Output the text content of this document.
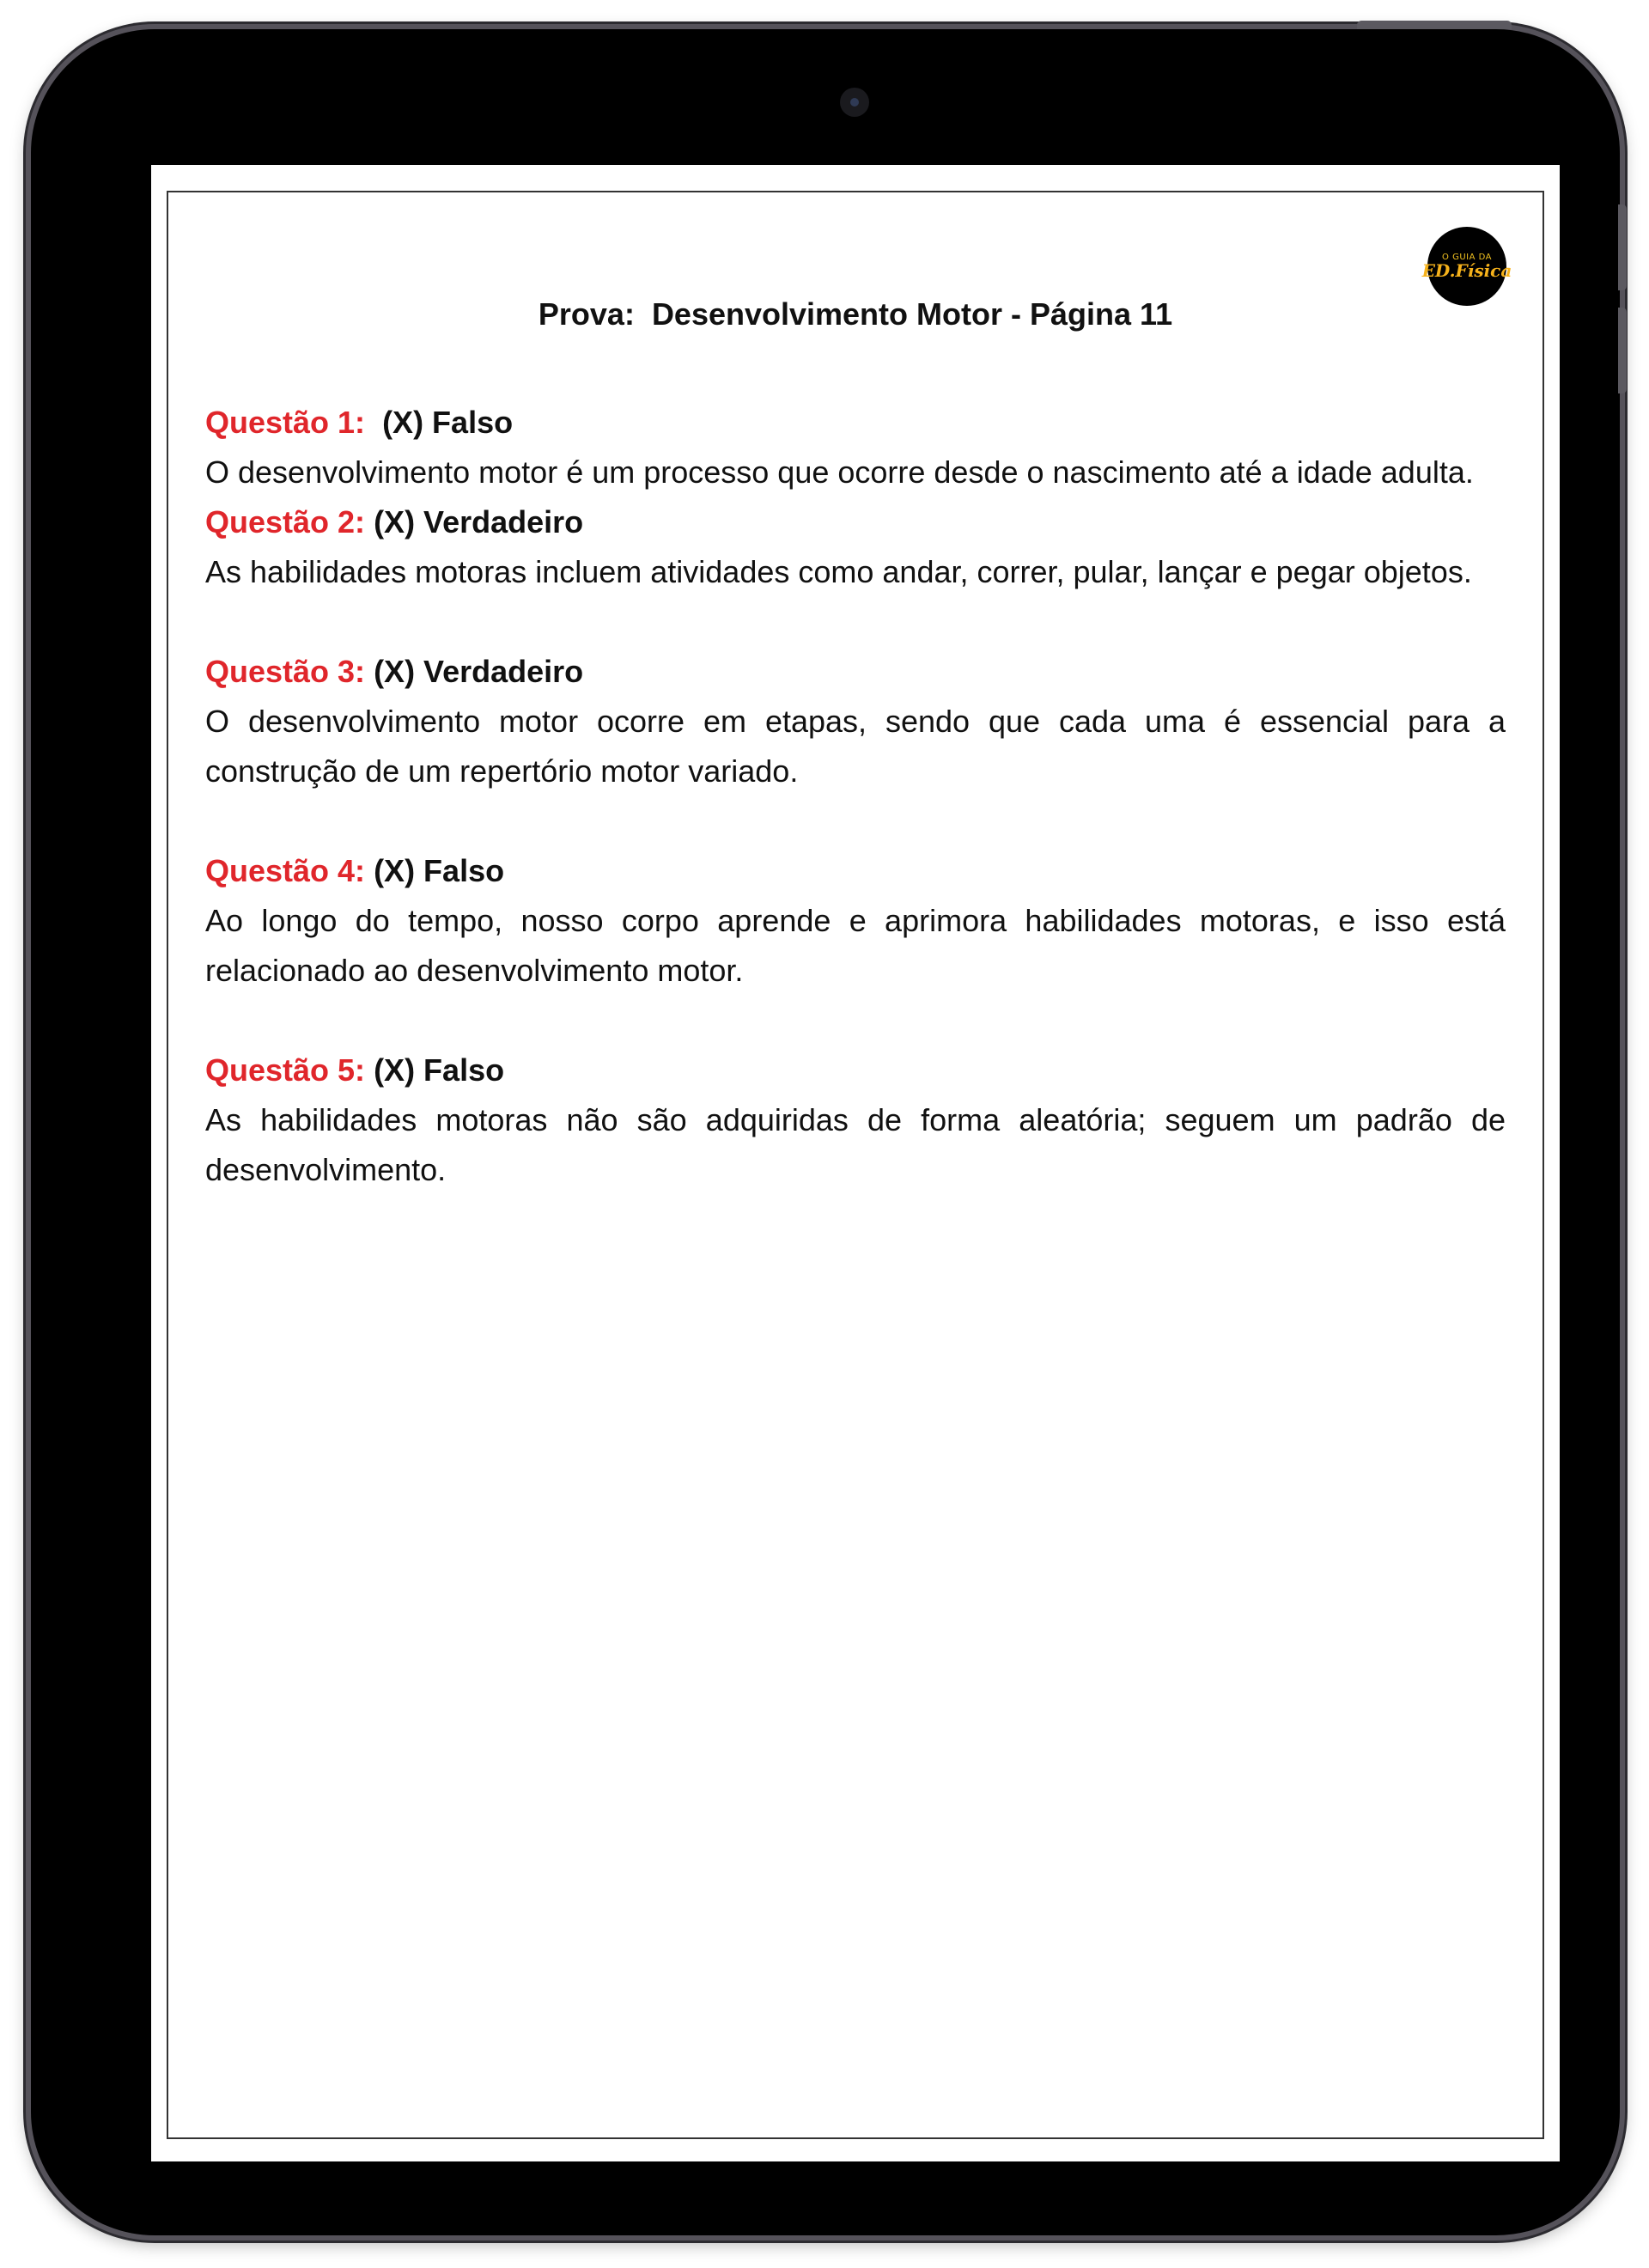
O GUIA DA
ED.Física
Prova:  Desenvolvimento Motor - Página 11
Questão 1: (X) Falso
O desenvolvimento motor é um processo que ocorre desde o nascimento até a idade adulta.
Questão 2: (X) Verdadeiro
As habilidades motoras incluem atividades como andar, correr, pular, lançar e pegar objetos.
Questão 3: (X) Verdadeiro
O desenvolvimento motor ocorre em etapas, sendo que cada uma é essencial para a construção de um repertório motor variado.
Questão 4: (X) Falso
Ao longo do tempo, nosso corpo aprende e aprimora habilidades motoras, e isso está relacionado ao desenvolvimento motor.
Questão 5: (X) Falso
As habilidades motoras não são adquiridas de forma aleatória; seguem um padrão de desenvolvimento.
